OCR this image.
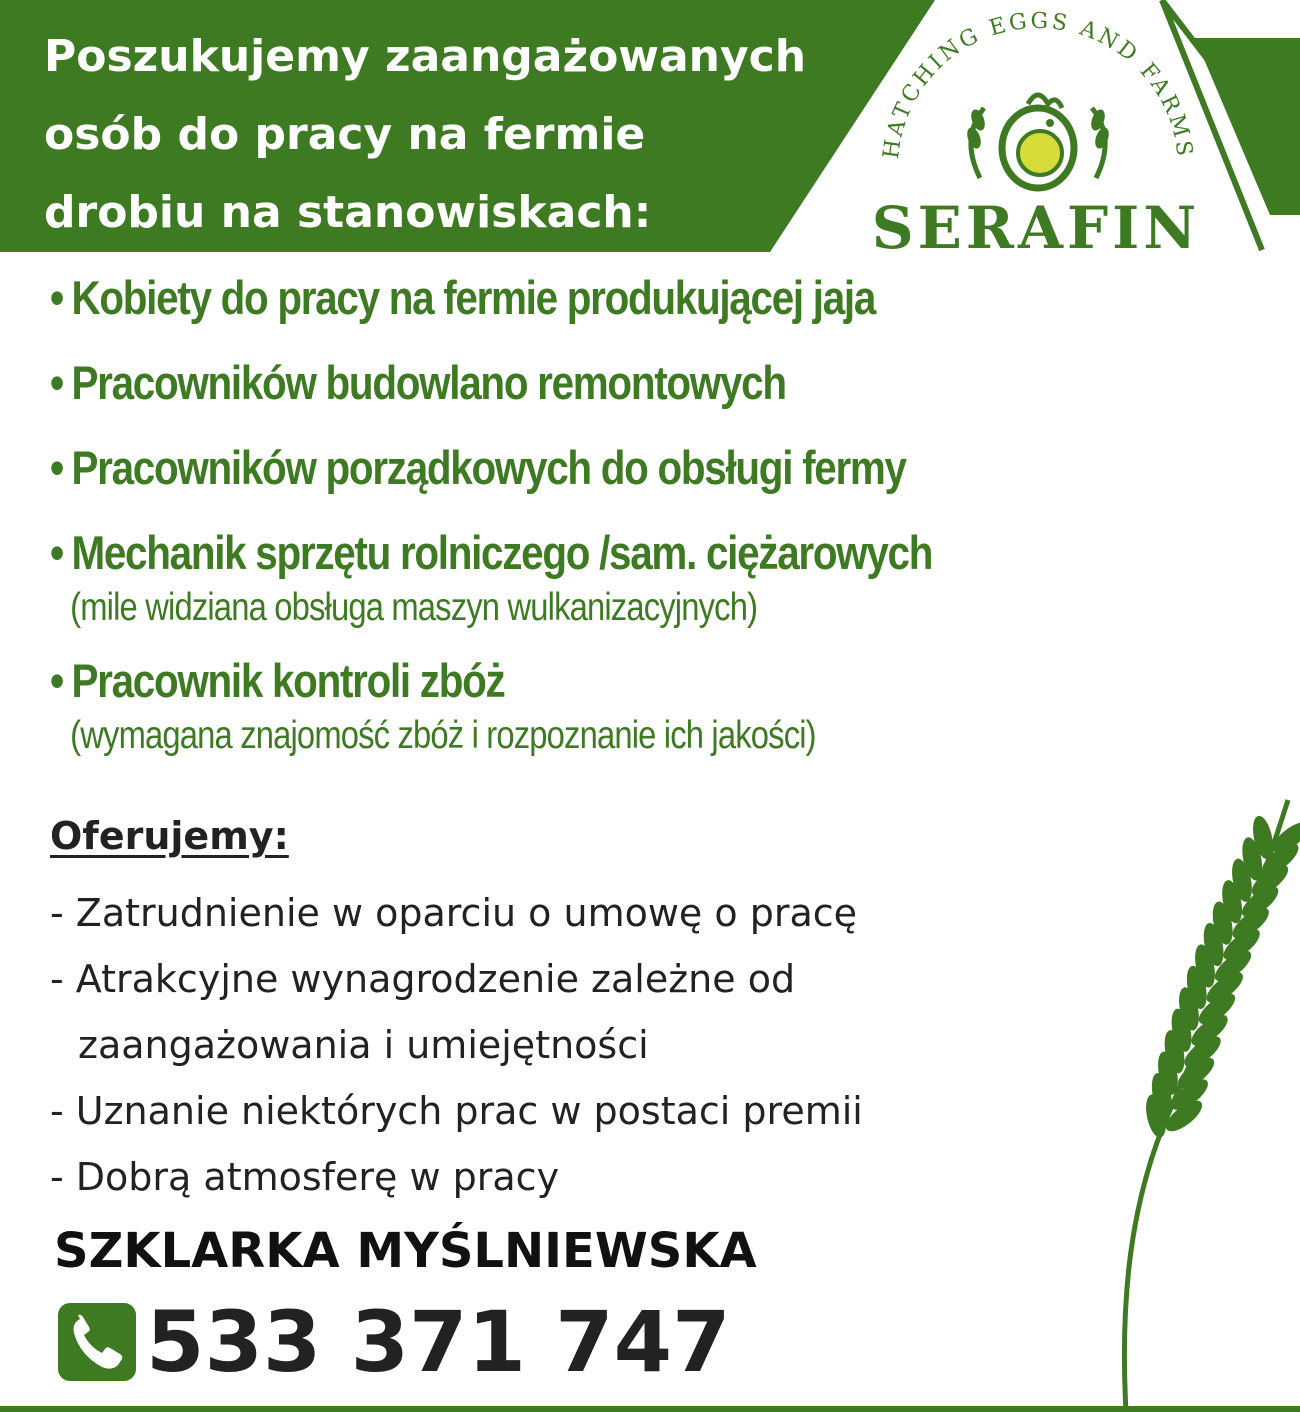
Poszukujemy zaangażowanych
osób do pracy na fermie
drobiu na stanowiskach:
HATCHING EGGS AND FARMS
SERAFIN
• Kobiety do pracy na fermie produkującej jaja
• Pracowników budowlano remontowych
• Pracowników porządkowych do obsługi fermy
• Mechanik sprzętu rolniczego /sam. ciężarowych
(mile widziana obsługa maszyn wulkanizacyjnych)
• Pracownik kontroli zbóż
(wymagana znajomość zbóż i rozpoznanie ich jakości)
Oferujemy:
- Zatrudnienie w oparciu o umowę o pracę
- Atrakcyjne wynagrodzenie zależne od
zaangażowania i umiejętności
- Uznanie niektórych prac w postaci premii
- Dobrą atmosferę w pracy
SZKLARKA MYŚLNIEWSKA
533 371 747
